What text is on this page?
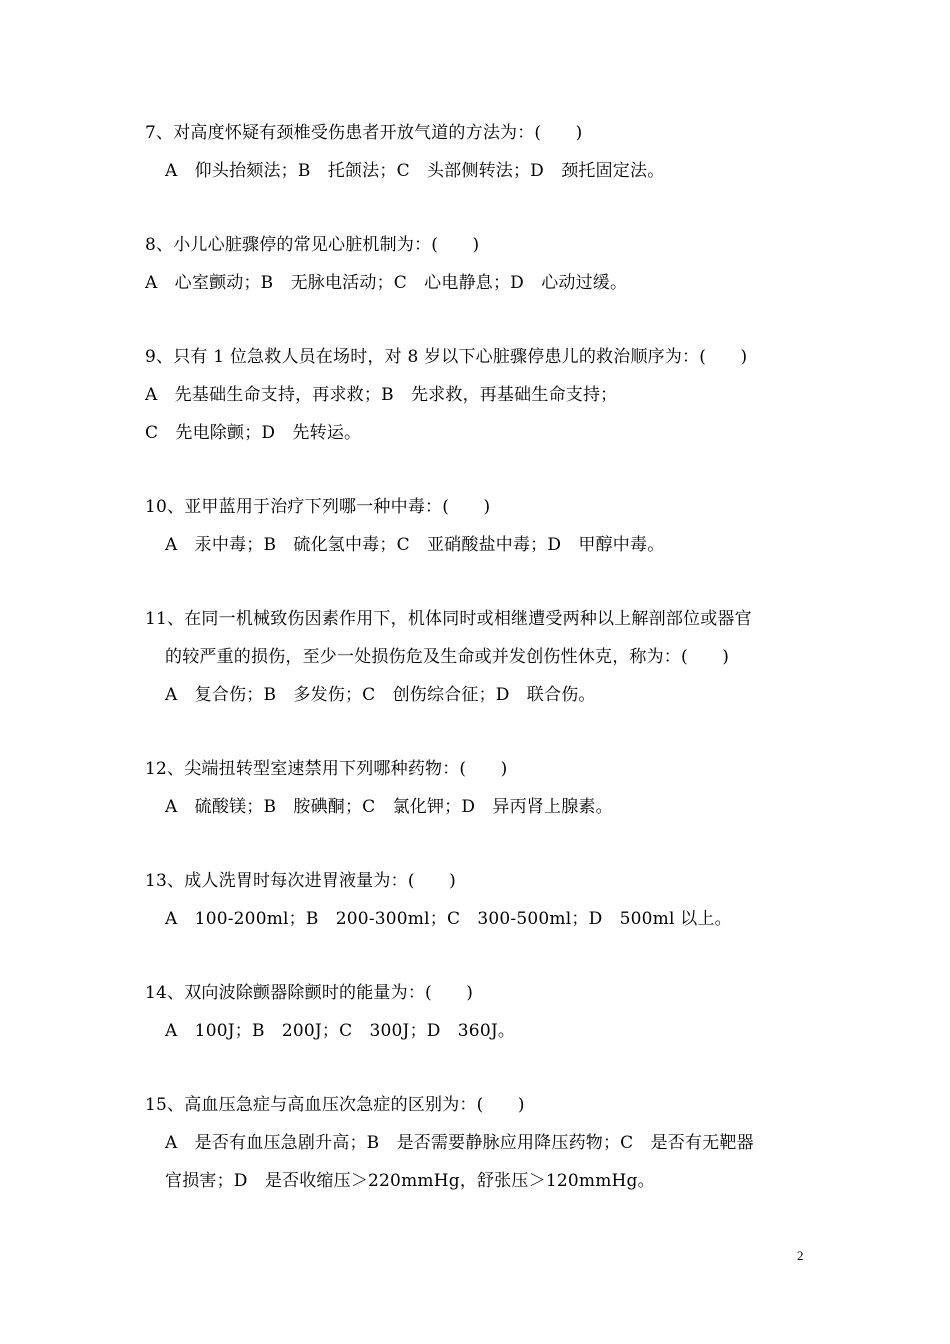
7、对高度怀疑有颈椎受伤患者开放气道的方法为：(　　)
A　仰头抬颏法；B　托颌法；C　头部侧转法；D　颈托固定法。
8、小儿心脏骤停的常见心脏机制为：(　　)
A　心室颤动；B　无脉电活动；C　心电静息；D　心动过缓。
9、只有 1 位急救人员在场时，对 8 岁以下心脏骤停患儿的救治顺序为：(　　)
A　先基础生命支持，再求救；B　先求救，再基础生命支持；
C　先电除颤；D　先转运。
10、亚甲蓝用于治疗下列哪一种中毒：(　　)
A　汞中毒；B　硫化氢中毒；C　亚硝酸盐中毒；D　甲醇中毒。
11、在同一机械致伤因素作用下，机体同时或相继遭受两种以上解剖部位或器官
的较严重的损伤，至少一处损伤危及生命或并发创伤性休克，称为：(　　)
A　复合伤；B　多发伤；C　创伤综合征；D　联合伤。
12、尖端扭转型室速禁用下列哪种药物：(　　)
A　硫酸镁；B　胺碘酮；C　氯化钾；D　异丙肾上腺素。
13、成人洗胃时每次进胃液量为：(　　)
A　100-200ml；B　200-300ml；C　300-500ml；D　500ml 以上。
14、双向波除颤器除颤时的能量为：(　　)
A　100J；B　200J；C　300J；D　360J。
15、高血压急症与高血压次急症的区别为：(　　)
A　是否有血压急剧升高；B　是否需要静脉应用降压药物；C　是否有无靶器
官损害；D　是否收缩压＞220mmHg，舒张压＞120mmHg。
2
